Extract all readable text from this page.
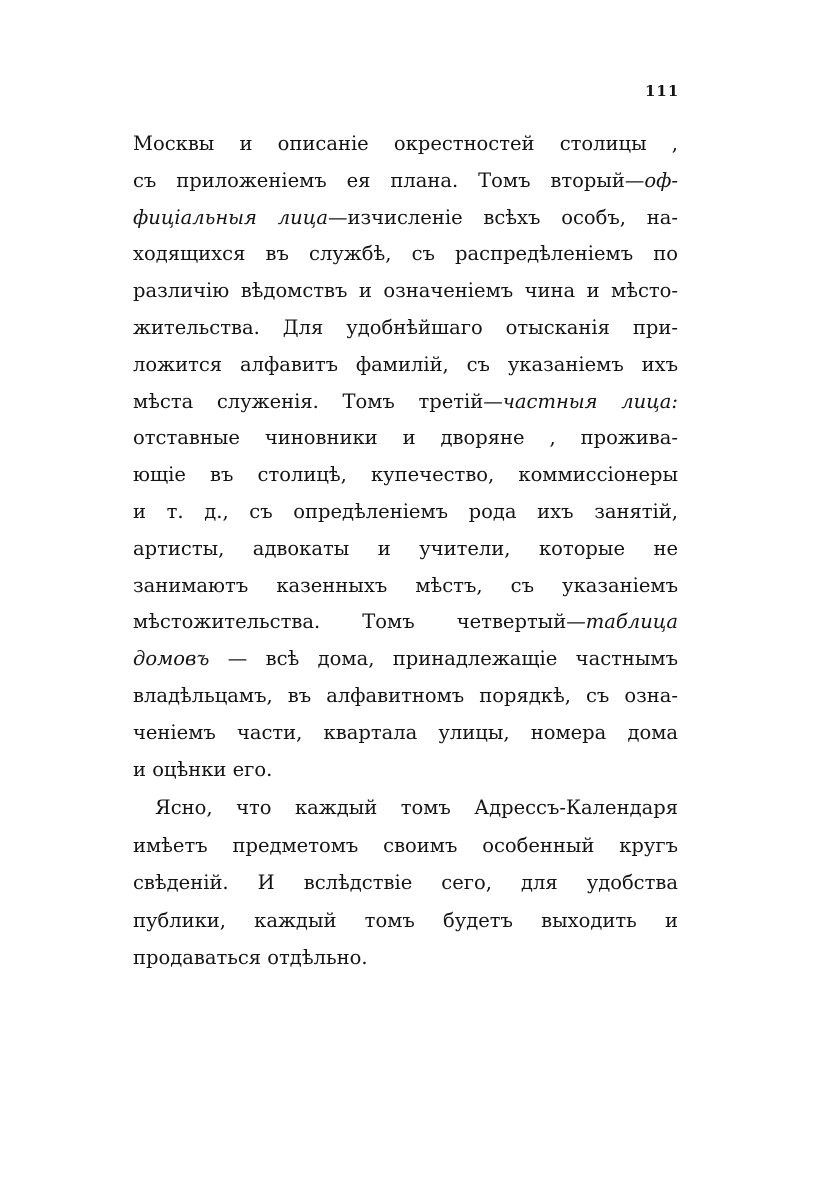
111
Москвы и описаніе окрестностей столицы ,
съ приложеніемъ ея плана. Томъ вторый—оф-
фиціальныя лица—изчисленіе всѣхъ особъ, на-
ходящихся въ службѣ, съ распредѣленіемъ по
различію вѣдомствъ и означеніемъ чина и мѣсто-
жительства. Для удобнѣйшаго отысканія при-
ложится алфавитъ фамилій, съ указаніемъ ихъ
мѣста служенія. Томъ третій—частныя лица:
отставные чиновники и дворяне , прожива-
ющіе въ столицѣ, купечество, коммиссіонеры
и т. д., съ опредѣленіемъ рода ихъ занятій,
артисты, адвокаты и учители, которые не
занимаютъ казенныхъ мѣстъ, съ указаніемъ
мѣстожительства. Томъ четвертый—таблица
домовъ — всѣ дома, принадлежащіе частнымъ
владѣльцамъ, въ алфавитномъ порядкѣ, съ озна-
ченіемъ части, квартала улицы, номера дома
и оцѣнки его.
Ясно, что каждый томъ Адрессъ-Календаря
имѣетъ предметомъ своимъ особенный кругъ
свѣденій. И вслѣдствіе сего, для удобства
публики, каждый томъ будетъ выходить и
продаваться отдѣльно.
